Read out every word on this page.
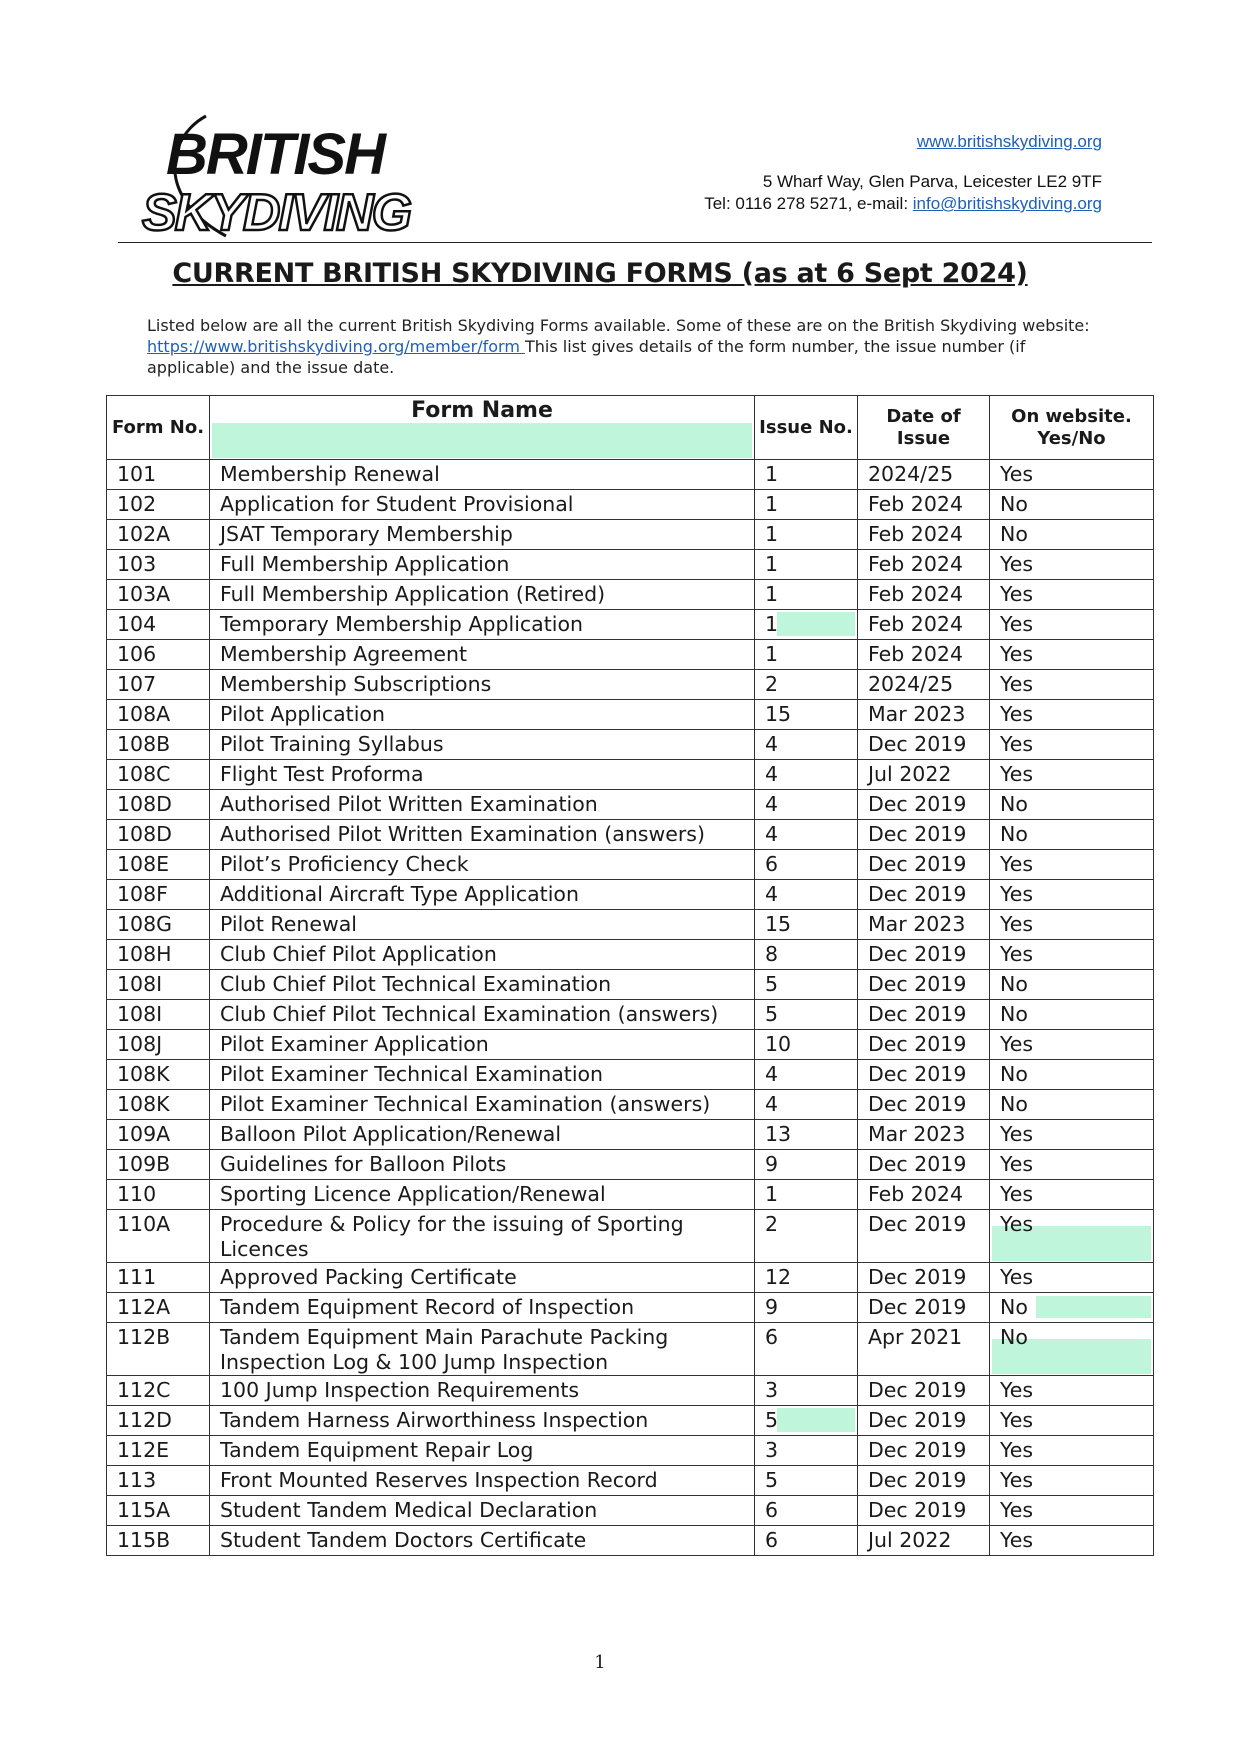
BRITISH
SKYDIVING
www.britishskydiving.org
5 Wharf Way, Glen Parva, Leicester LE2 9TF
Tel: 0116 278 5271, e-mail: info@britishskydiving.org
CURRENT BRITISH SKYDIVING FORMS (as at 6 Sept 2024)
Listed below are all the current British Skydiving Forms available. Some of these are on the British Skydiving website: https://www.britishskydiving.org/member/form This list gives details of the form number, the issue number (if applicable) and the issue date.
Form No.	Form Name	Issue No.	Date of Issue	On website. Yes/No
101	Membership Renewal	1	2024/25	Yes
102	Application for Student Provisional	1	Feb 2024	No
102A	JSAT Temporary Membership	1	Feb 2024	No
103	Full Membership Application	1	Feb 2024	Yes
103A	Full Membership Application (Retired)	1	Feb 2024	Yes
104	Temporary Membership Application	1	Feb 2024	Yes
106	Membership Agreement	1	Feb 2024	Yes
107	Membership Subscriptions	2	2024/25	Yes
108A	Pilot Application	15	Mar 2023	Yes
108B	Pilot Training Syllabus	4	Dec 2019	Yes
108C	Flight Test Proforma	4	Jul 2022	Yes
108D	Authorised Pilot Written Examination	4	Dec 2019	No
108D	Authorised Pilot Written Examination (answers)	4	Dec 2019	No
108E	Pilot’s Proficiency Check	6	Dec 2019	Yes
108F	Additional Aircraft Type Application	4	Dec 2019	Yes
108G	Pilot Renewal	15	Mar 2023	Yes
108H	Club Chief Pilot Application	8	Dec 2019	Yes
108I	Club Chief Pilot Technical Examination	5	Dec 2019	No
108I	Club Chief Pilot Technical Examination (answers)	5	Dec 2019	No
108J	Pilot Examiner Application	10	Dec 2019	Yes
108K	Pilot Examiner Technical Examination	4	Dec 2019	No
108K	Pilot Examiner Technical Examination (answers)	4	Dec 2019	No
109A	Balloon Pilot Application/Renewal	13	Mar 2023	Yes
109B	Guidelines for Balloon Pilots	9	Dec 2019	Yes
110	Sporting Licence Application/Renewal	1	Feb 2024	Yes
110A	Procedure & Policy for the issuing of Sporting Licences	2	Dec 2019	Yes
111	Approved Packing Certificate	12	Dec 2019	Yes
112A	Tandem Equipment Record of Inspection	9	Dec 2019	No
112B	Tandem Equipment Main Parachute Packing Inspection Log & 100 Jump Inspection	6	Apr 2021	No
112C	100 Jump Inspection Requirements	3	Dec 2019	Yes
112D	Tandem Harness Airworthiness Inspection	5	Dec 2019	Yes
112E	Tandem Equipment Repair Log	3	Dec 2019	Yes
113	Front Mounted Reserves Inspection Record	5	Dec 2019	Yes
115A	Student Tandem Medical Declaration	6	Dec 2019	Yes
115B	Student Tandem Doctors Certificate	6	Jul 2022	Yes
1
